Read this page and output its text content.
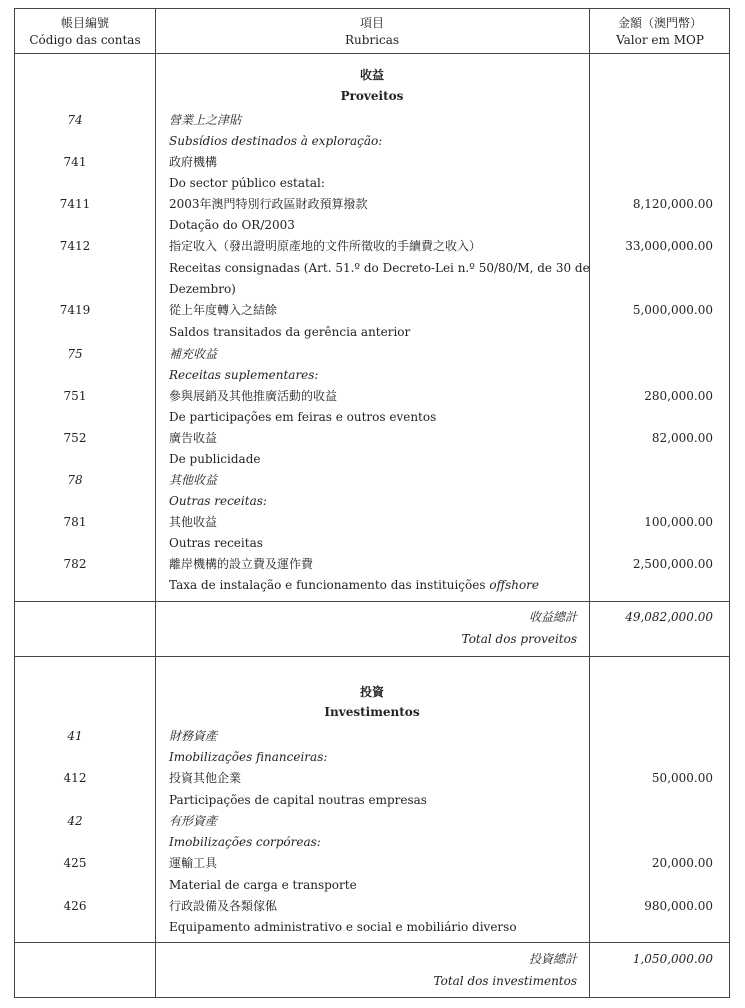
帳目編號
Código das contas
項目
Rubricas
金額（澳門幣）
Valor em MOP
收益
Proveitos
74	營業上之津貼
Subsídios destinados à exploração:
741	政府機構
Do sector público estatal:
7411	2003年澳門特別行政區財政預算撥款	8,120,000.00
Dotação do OR/2003
7412	指定收入（發出證明原產地的文件所徵收的手續費之收入）	33,000,000.00
Receitas consignadas (Art. 51.º do Decreto-Lei n.º 50/80/M, de 30 de
Dezembro)
7419	從上年度轉入之結餘	5,000,000.00
Saldos transitados da gerência anterior
75	補充收益
Receitas suplementares:
751	參與展銷及其他推廣活動的收益	280,000.00
De participações em feiras e outros eventos
752	廣告收益	82,000.00
De publicidade
78	其他收益
Outras receitas:
781	其他收益	100,000.00
Outras receitas
782	離岸機構的設立費及運作費	2,500,000.00
Taxa de instalação e funcionamento das instituições offshore
收益總計	49,082,000.00
Total dos proveitos
投資
Investimentos
41	財務資產
Imobilizações financeiras:
412	投資其他企業	50,000.00
Participações de capital noutras empresas
42	有形資產
Imobilizações corpóreas:
425	運輸工具	20,000.00
Material de carga e transporte
426	行政設備及各類傢俬	980,000.00
Equipamento administrativo e social e mobiliário diverso
投資總計	1,050,000.00
Total dos investimentos
